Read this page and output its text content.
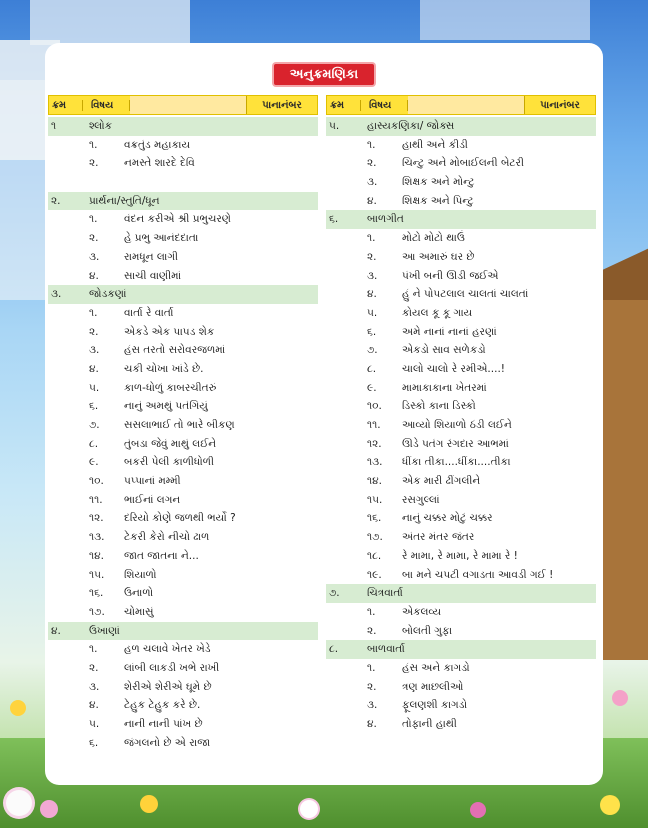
અનુક્રમણિકા
ક્રમ	વિષય	પાનાનંબર
૧	શ્લોક
૧.	વક્રતુંડ મહાકાય
૨. નમસ્તે શારદે દેવિ
૨.	પ્રાર્થના/સ્તુતિ/ધૂન
૧.	વંદન કરીએ શ્રી પ્રભુચરણે
૨. હે પ્રભુ આનંદદાતા
૩. રામધૂન લાગી
૪. સાચી વાણીમાં
૩.	જોડકણાં
૧.	વાર્તા રે વાર્તા
૨. એકડે એક પાપડ શેક
૩. હંસ તરતો સરોવરજળમાં
૪. ચકી ચોખા ખાંડે છે.
૫. કાળ-ધોળું કાબરચીતરું
૬. નાનું અમથું પતંગિયું
૭. સસલાભાઈ તો ભારે બીકણ
૮. તુંબડા જેવું માથું લઈને
૯. બકરી પેલી કાળીધોળી
૧૦. પપ્પાનાં મમ્મી
૧૧. ભાઈનાં લગન
૧૨. દરિયો કોણે જળથી ભર્યો ?
૧૩. ટેકરી કેરો નીચો ઢાળ
૧૪. જાત જાતના ને...
૧૫. શિયાળો
૧૬. ઉનાળો
૧૭. ચોમાસું
૪.	ઉખાણાં
૧.	હળ ચલાવે ખેતર ખેડે
૨. લાંબી લાકડી ખભે રાખી
૩. શેરીએ શેરીએ ઘૂમે છે
૪. ટેહુક ટેહુક કરે છે.
૫. નાની નાની પાંખ છે
૬. જંગલનો છે એ રાજા
ક્રમ	વિષય	પાનાનંબર
૫.	હાસ્યકણિકા/ જોક્સ
૧.	હાથી અને કીડી
૨. ચિન્ટુ અને મોબાઈલની બેટરી
૩. શિક્ષક અને મોન્ટુ
૪. શિક્ષક અને પિન્ટુ
૬.	બાળગીત
૧.	મોટો મોટો થાઉં
૨. આ અમારું ઘર છે
૩. પંખી બની ઊડી જઈએ
૪. હું ને પોપટલાલ ચાલતાં ચાલતાં
૫. કોયલ કૂ કૂ ગાય
૬. અમે નાનાં નાનાં હરણાં
૭. એકડો સાવ સળેકડો
૮. ચાલો ચાલો રે રમીએ....!
૯. મામાકાકાના ખેતરમાં
૧૦. ડિસ્કો કાના ડિસ્કો
૧૧. આવ્યો શિયાળો ઠંડી લઈને
૧૨. ઊડે પતંગ રંગદાર આભમાં
૧૩. ધીંકા તીકા....ધીંકા....તીકા
૧૪. એક મારી ઢીંગલીને
૧૫. રસગુલ્લાં
૧૬. નાનું ચક્કર મોટું ચક્કર
૧૭. અંતર મંતર જંતર
૧૮. રે મામા, રે મામા, રે મામા રે !
૧૯. બા મને ચપટી વગાડતા આવડી ગઈ !
૭.	ચિત્રવાર્તા
૧.	એકલવ્ય
૨. બોલતી ગુફા
૮.	બાળવાર્તા
૧.	હંસ અને કાગડો
૨. ત્રણ માછલીઓ
૩. ફૂલણશી કાગડો
૪. તોફાની હાથી
